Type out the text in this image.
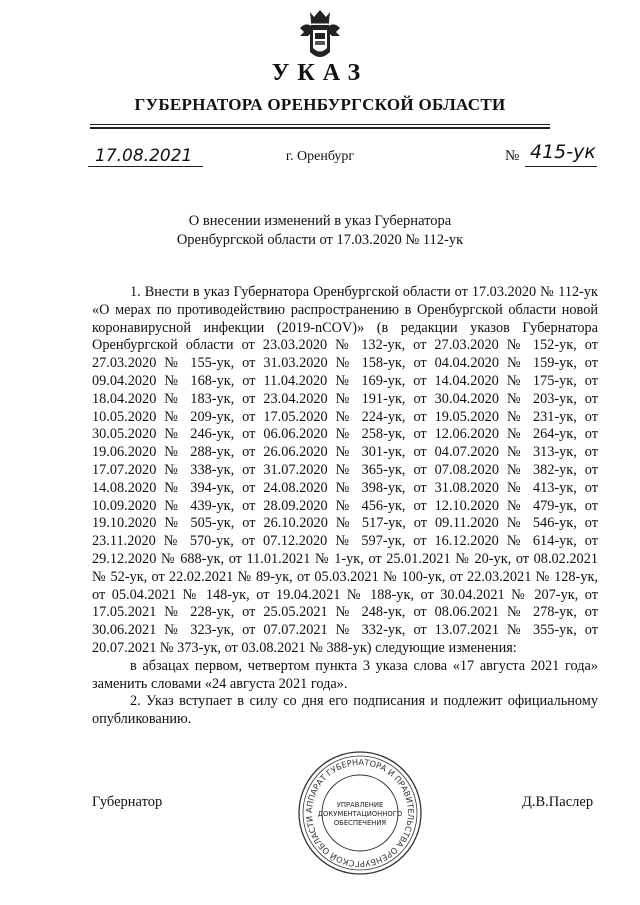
УКАЗ
ГУБЕРНАТОРА ОРЕНБУРГСКОЙ ОБЛАСТИ
17.08.2021	г. Оренбург	№ 415-ук
О внесении изменений в указ Губернатора
Оренбургской области от 17.03.2020 № 112-ук

1. Внести в указ Губернатора Оренбургской области от 17.03.2020 № 112-ук «О мерах по противодействию распространению в Оренбургской области новой коронавирусной инфекции (2019-nCOV)» (в редакции указов Губернатора Оренбургской области от 23.03.2020 № 132-ук, от 27.03.2020 № 152-ук, от 27.03.2020 № 155-ук, от 31.03.2020 № 158-ук, от 04.04.2020 № 159-ук, от 09.04.2020 № 168-ук, от 11.04.2020 № 169-ук, от 14.04.2020 № 175-ук, от 18.04.2020 № 183-ук, от 23.04.2020 № 191-ук, от 30.04.2020 № 203-ук, от 10.05.2020 № 209-ук, от 17.05.2020 № 224-ук, от 19.05.2020 № 231-ук, от 30.05.2020 № 246-ук, от 06.06.2020 № 258-ук, от 12.06.2020 № 264-ук, от 19.06.2020 № 288-ук, от 26.06.2020 № 301-ук, от 04.07.2020 № 313-ук, от 17.07.2020 № 338-ук, от 31.07.2020 № 365-ук, от 07.08.2020 № 382-ук, от 14.08.2020 № 394-ук, от 24.08.2020 № 398-ук, от 31.08.2020 № 413-ук, от 10.09.2020 № 439-ук, от 28.09.2020 № 456-ук, от 12.10.2020 № 479-ук, от 19.10.2020 № 505-ук, от 26.10.2020 № 517-ук, от 09.11.2020 № 546-ук, от 23.11.2020 № 570-ук, от 07.12.2020 № 597-ук, от 16.12.2020 № 614-ук, от 29.12.2020 № 688-ук, от 11.01.2021 № 1-ук, от 25.01.2021 № 20-ук, от 08.02.2021 № 52-ук, от 22.02.2021 № 89-ук, от 05.03.2021 № 100-ук, от 22.03.2021 № 128-ук, от 05.04.2021 № 148-ук, от 19.04.2021 № 188-ук, от 30.04.2021 № 207-ук, от 17.05.2021 № 228-ук, от 25.05.2021 № 248-ук, от 08.06.2021 № 278-ук, от 30.06.2021 № 323-ук, от 07.07.2021 № 332-ук, от 13.07.2021 № 355-ук, от 20.07.2021 № 373-ук, от 03.08.2021 № 388-ук) следующие изменения:

в абзацах первом, четвертом пункта 3 указа слова «17 августа 2021 года» заменить словами «24 августа 2021 года».

2. Указ вступает в силу со дня его подписания и подлежит официальному опубликованию.

Губернатор	Д.В.Паслер
АППАРАТ ГУБЕРНАТОРА И ПРАВИТЕЛЬСТВА ОРЕНБУРГСКОЙ ОБЛАСТИ
УПРАВЛЕНИЕ
ДОКУМЕНТАЦИОННОГО
ОБЕСПЕЧЕНИЯ
